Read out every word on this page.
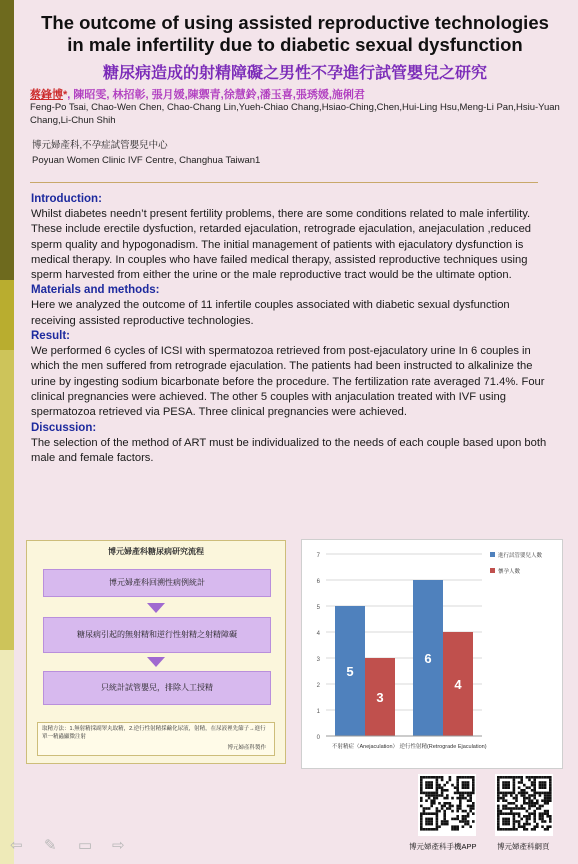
The outcome of using assisted reproductive technologies
in male infertility due to diabetic sexual dysfunction
糖尿病造成的射精障礙之男性不孕進行試管嬰兒之研究
蔡鋒博*, 陳昭雯, 林招彰, 張月媛,陳禦青,徐慧鈴,潘玉喜,張琇媛,施俐君
Feng-Po Tsai, Chao-Wen Chen, Chao-Chang Lin,Yueh-Chiao Chang,Hsiao-Ching,Chen,Hui-Ling Hsu,Meng-Li Pan,Hsiu-Yuan Chang,Li-Chun Shih
博元婦產科,不孕症試管嬰兒中心
Poyuan Women Clinic IVF Centre, Changhua Taiwan1
Introduction:

Whilst diabetes needn’t present fertility problems, there are some conditions related to male infertility. These include erectile dysfuction, retarded ejaculation, retrograde ejaculation, anejaculation ,reduced sperm quality and hypogonadism. The initial management of patients with ejaculatory dysfunction is medical therapy. In couples who have failed medical therapy, assisted reproductive techniques using sperm harvested from either the urine or the male reproductive tract would be the ultimate option.

Materials and methods:

Here we analyzed the outcome of 11 infertile couples associated with diabetic sexual dysfunction receiving assisted reproductive technologies.

Result:

We performed 6 cycles of ICSI with spermatozoa retrieved from post-ejaculatory urine In 6 couples in which the men suffered from retrograde ejaculation. The patients had been instructed to alkalinize the urine by ingesting sodium bicarbonate before the procedure. The fertilization rate averaged 71.4%. Four clinical pregnancies were achieved. The other 5 couples with anjaculation treated with IVF using spermatozoa retrieved via PESA. Three clinical pregnancies were achieved.

Discussion:

The selection of the method of ART must be individualized to the needs of each couple based upon both male and female factors.

博元婦產科糖尿病研究流程
博元婦產科回溯性病例統計
糖尿病引起的無射精和逆行性射精之射精障礙
只統計試管嬰兒，排除人工授精
取精方法：1.無射精採副睪丸取精，2.逆行性射精採鹼化尿液，射精，在尿液裡先篩子→進行單一精蟲顯微注射
博元婦產科製作
0
1
2
3
4
5
6
7
5
3
不射精症（Anejaculation）
6
4
逆行性射精(Retrograde Ejaculation)
進行試管嬰兒人數
懷孕人數
博元婦產科手機APP	博元婦產科網頁
⇦ ✎ ▭ ⇨
